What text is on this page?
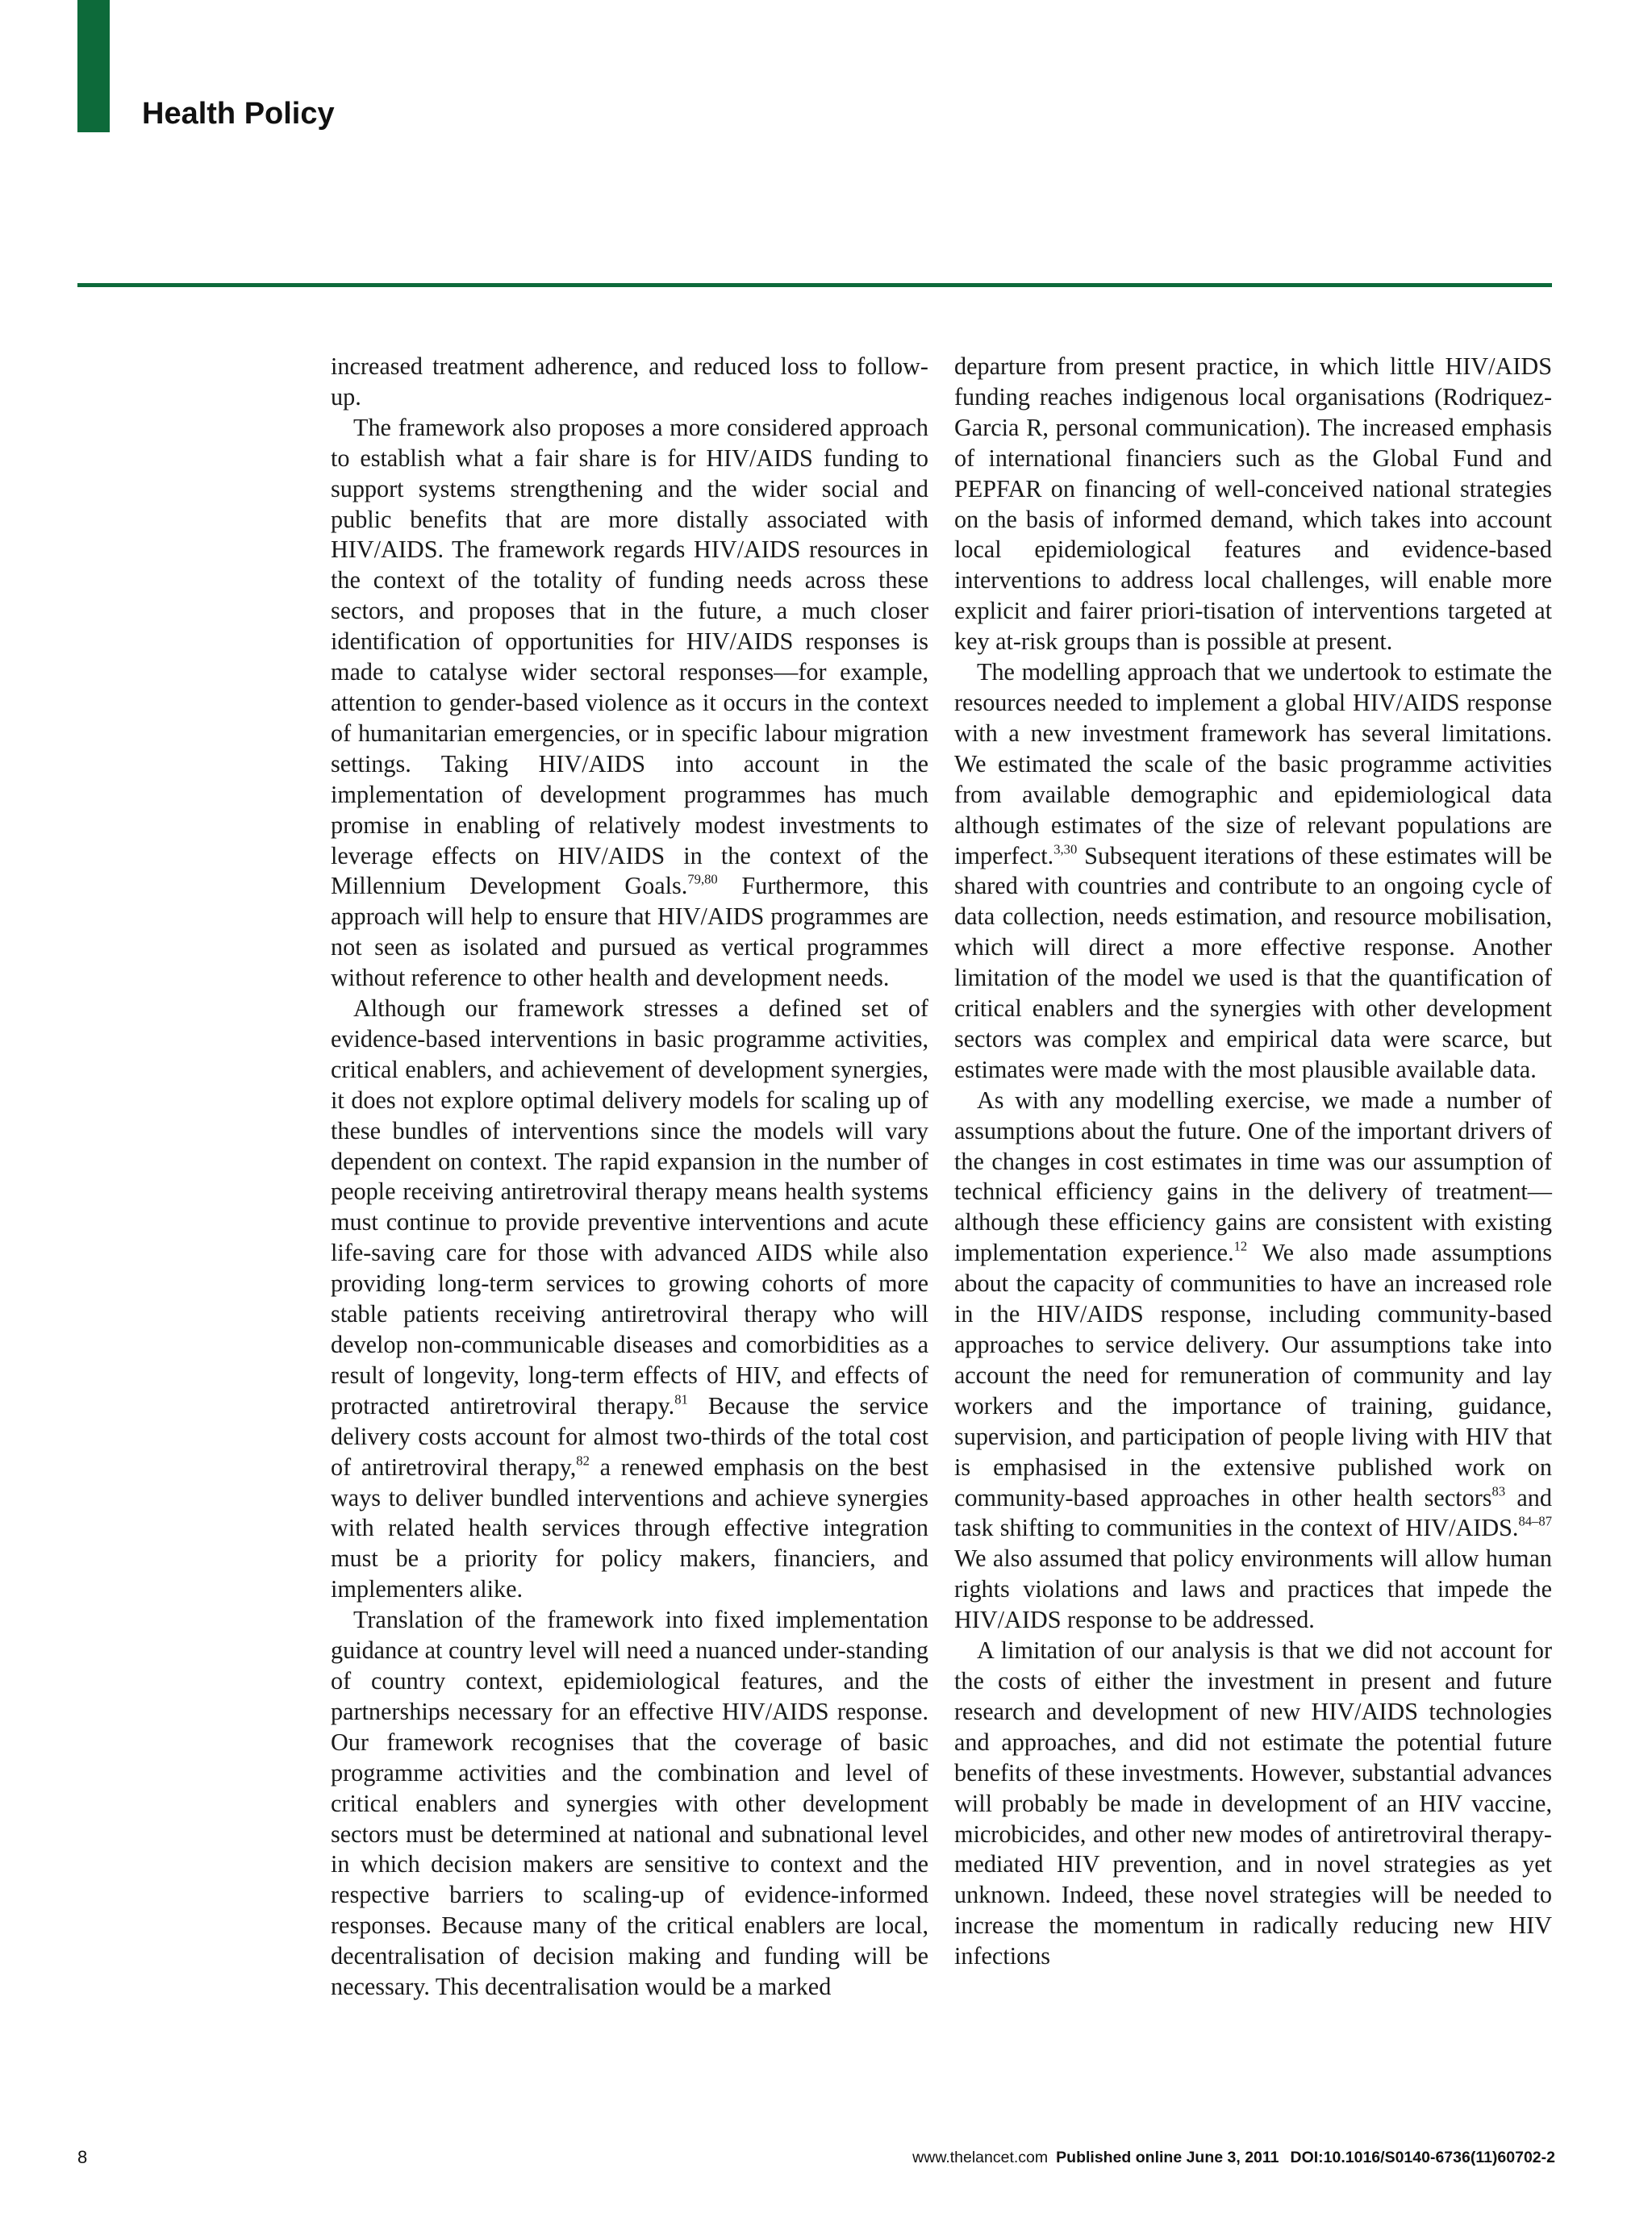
Health Policy

increased treatment adherence, and reduced loss to follow-up.

The framework also proposes a more considered approach to establish what a fair share is for HIV/AIDS funding to support systems strengthening and the wider social and public benefits that are more distally associated with HIV/AIDS. The framework regards HIV/AIDS resources in the context of the totality of funding needs across these sectors, and proposes that in the future, a much closer identification of opportunities for HIV/AIDS responses is made to catalyse wider sectoral responses—for example, attention to gender-based violence as it occurs in the context of humanitarian emergencies, or in specific labour migration settings. Taking HIV/AIDS into account in the implementation of development programmes has much promise in enabling of relatively modest investments to leverage effects on HIV/AIDS in the context of the Millennium Development Goals.$^{79,80}$ Furthermore, this approach will help to ensure that HIV/AIDS programmes are not seen as isolated and pursued as vertical programmes without reference to other health and development needs.

Although our framework stresses a defined set of evidence-based interventions in basic programme activities, critical enablers, and achievement of development synergies, it does not explore optimal delivery models for scaling up of these bundles of interventions since the models will vary dependent on context. The rapid expansion in the number of people receiving antiretroviral therapy means health systems must continue to provide preventive interventions and acute life-saving care for those with advanced AIDS while also providing long-term services to growing cohorts of more stable patients receiving antiretroviral therapy who will develop non-communicable diseases and comorbidities as a result of longevity, long-term effects of HIV, and effects of protracted antiretroviral therapy.$^{81}$ Because the service delivery costs account for almost two-thirds of the total cost of antiretroviral therapy,$^{82}$ a renewed emphasis on the best ways to deliver bundled interventions and achieve synergies with related health services through effective integration must be a priority for policy makers, financiers, and implementers alike.

Translation of the framework into fixed implementation guidance at country level will need a nuanced under-standing of country context, epidemiological features, and the partnerships necessary for an effective HIV/AIDS response. Our framework recognises that the coverage of basic programme activities and the combination and level of critical enablers and synergies with other development sectors must be determined at national and subnational level in which decision makers are sensitive to context and the respective barriers to scaling-up of evidence-informed responses. Because many of the critical enablers are local, decentralisation of decision making and funding will be necessary. This decentralisation would be a marked

departure from present practice, in which little HIV/AIDS funding reaches indigenous local organisations (Rodriquez-Garcia R, personal communication). The increased emphasis of international financiers such as the Global Fund and PEPFAR on financing of well-conceived national strategies on the basis of informed demand, which takes into account local epidemiological features and evidence-based interventions to address local challenges, will enable more explicit and fairer priori-tisation of interventions targeted at key at-risk groups than is possible at present.

The modelling approach that we undertook to estimate the resources needed to implement a global HIV/AIDS response with a new investment framework has several limitations. We estimated the scale of the basic programme activities from available demographic and epidemiological data although estimates of the size of relevant populations are imperfect.$^{3,30}$ Subsequent iterations of these estimates will be shared with countries and contribute to an ongoing cycle of data collection, needs estimation, and resource mobilisation, which will direct a more effective response. Another limitation of the model we used is that the quantification of critical enablers and the synergies with other development sectors was complex and empirical data were scarce, but estimates were made with the most plausible available data.

As with any modelling exercise, we made a number of assumptions about the future. One of the important drivers of the changes in cost estimates in time was our assumption of technical efficiency gains in the delivery of treatment—although these efficiency gains are consistent with existing implementation experience.$^{12}$ We also made assumptions about the capacity of communities to have an increased role in the HIV/AIDS response, including community-based approaches to service delivery. Our assumptions take into account the need for remuneration of community and lay workers and the importance of training, guidance, supervision, and participation of people living with HIV that is emphasised in the extensive published work on community-based approaches in other health sectors$^{83}$ and task shifting to communities in the context of HIV/AIDS.$^{84-87}$ We also assumed that policy environments will allow human rights violations and laws and practices that impede the HIV/AIDS response to be addressed.

A limitation of our analysis is that we did not account for the costs of either the investment in present and future research and development of new HIV/AIDS technologies and approaches, and did not estimate the potential future benefits of these investments. However, substantial advances will probably be made in development of an HIV vaccine, microbicides, and other new modes of antiretroviral therapy-mediated HIV prevention, and in novel strategies as yet unknown. Indeed, these novel strategies will be needed to increase the momentum in radically reducing new HIV infections

8	www.thelancet.com Published online June 3, 2011 DOI:10.1016/S0140-6736(11)60702-2
